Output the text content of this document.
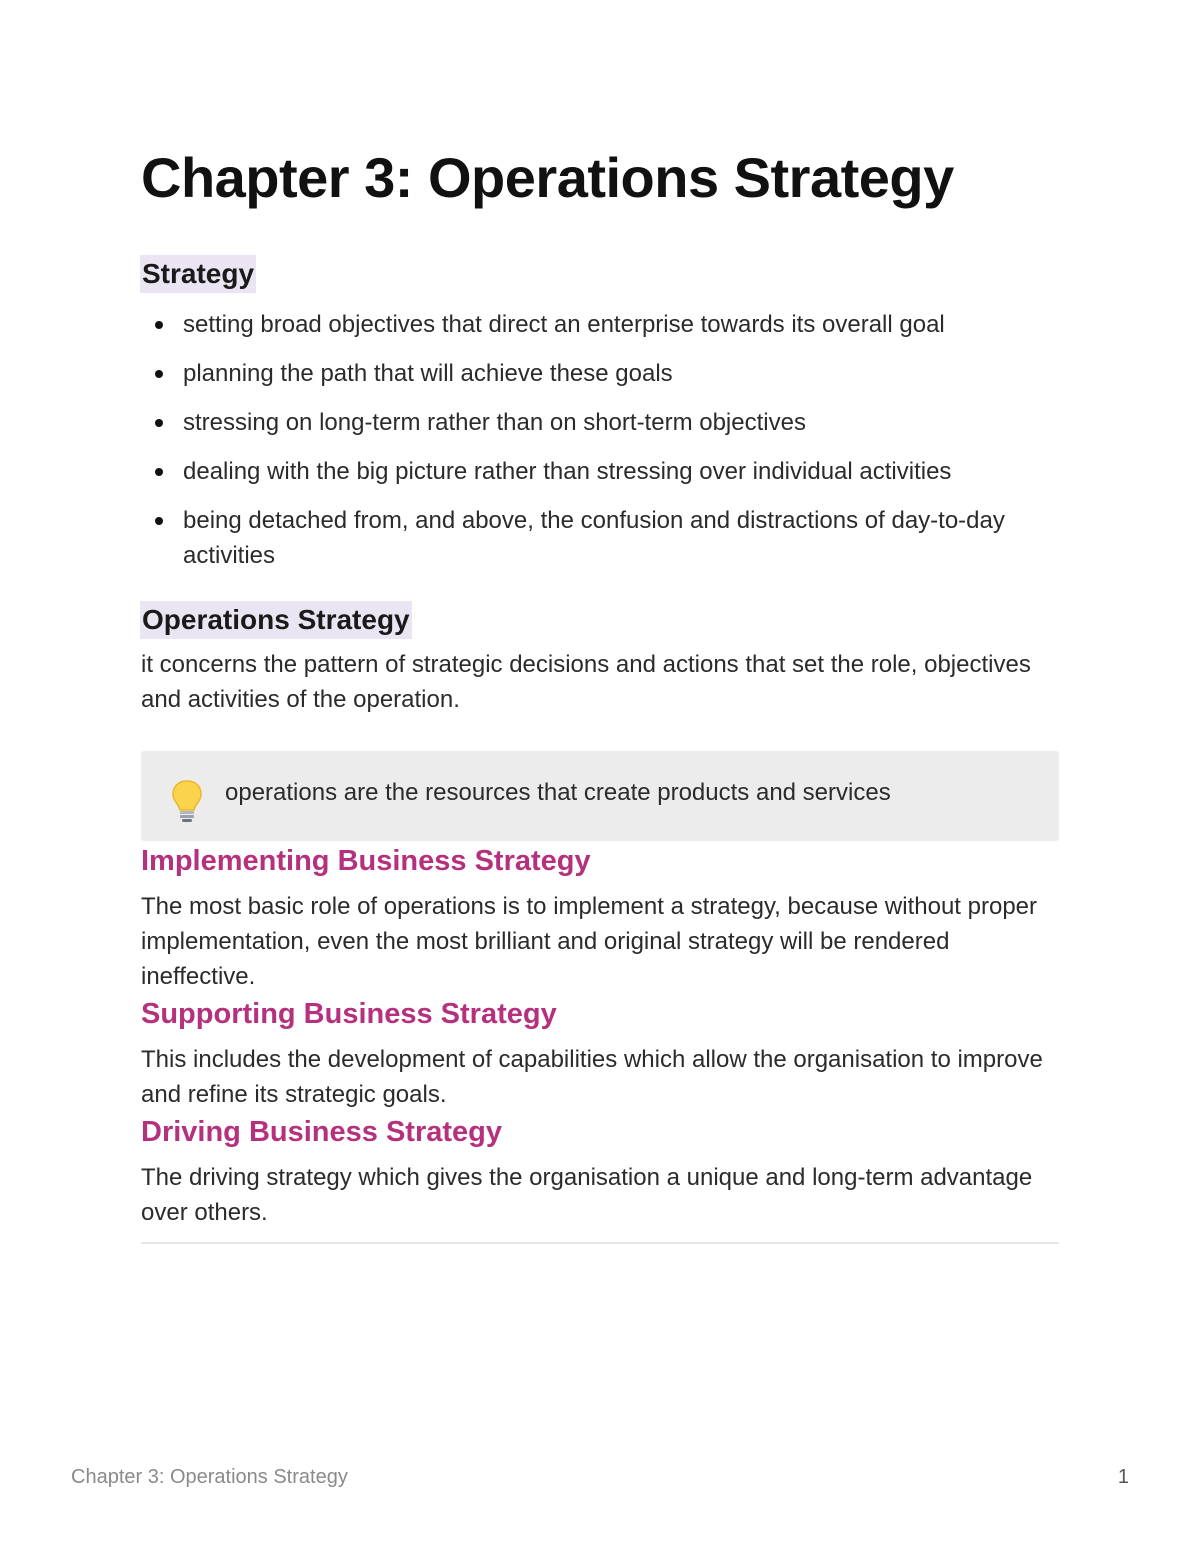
Chapter 3: Operations Strategy
Strategy
setting broad objectives that direct an enterprise towards its overall goal
planning the path that will achieve these goals
stressing on long-term rather than on short-term objectives
dealing with the big picture rather than stressing over individual activities
being detached from, and above, the confusion and distractions of day-to-day activities
Operations Strategy

it concerns the pattern of strategic decisions and actions that set the role, objectives and activities of the operation.

operations are the resources that create products and services
Implementing Business Strategy

The most basic role of operations is to implement a strategy, because without proper implementation, even the most brilliant and original strategy will be rendered ineffective.

Supporting Business Strategy

This includes the development of capabilities which allow the organisation to improve and refine its strategic goals.

Driving Business Strategy

The driving strategy which gives the organisation a unique and long-term advantage over others.

Chapter 3: Operations Strategy	1
